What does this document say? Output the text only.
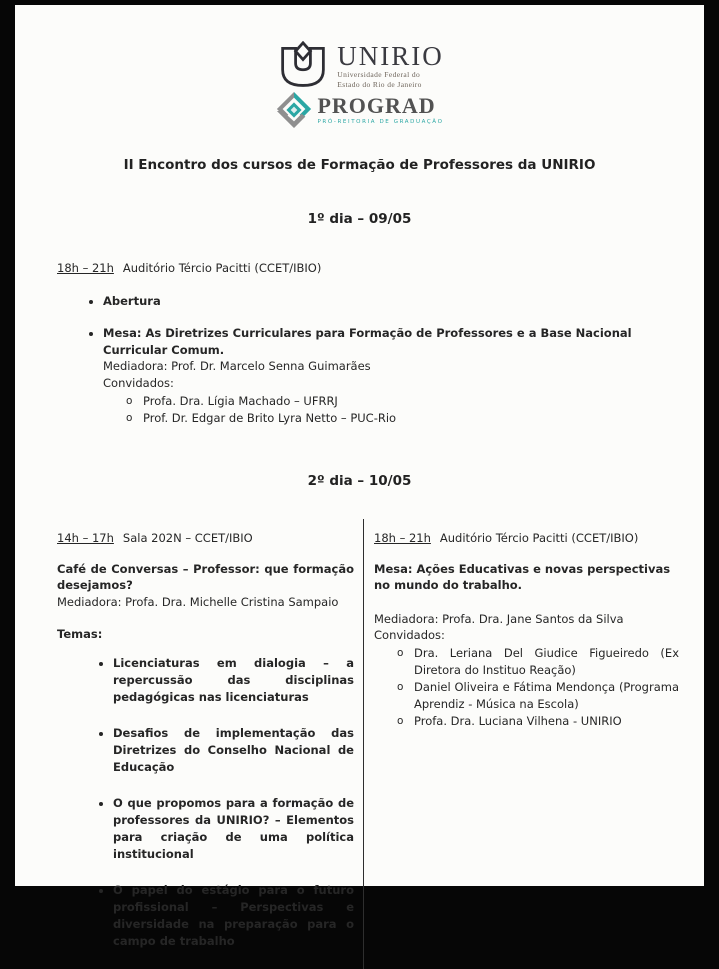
UNIRIO
Universidade Federal do
Estado do Rio de Janeiro
PROGRAD
PRÓ-REITORIA DE GRADUAÇÃO
II Encontro dos cursos de Formação de Professores da UNIRIO
1º dia – 09/05

18h – 21h Auditório Tércio Pacitti (CCET/IBIO)

• Abertura
• Mesa: As Diretrizes Curriculares para Formação de Professores e a Base Nacional Curricular Comum.
Mediadora: Prof. Dr. Marcelo Senna Guimarães
Convidados:
o Profa. Dra. Lígia Machado – UFRRJ
o Prof. Dr. Edgar de Brito Lyra Netto – PUC-Rio
2º dia – 10/05

14h – 17h Sala 202N – CCET/IBIO

Café de Conversas – Professor: que formação desejamos?
Mediadora: Profa. Dra. Michelle Cristina Sampaio
Temas:
• Licenciaturas em dialogia – a repercussão das disciplinas pedagógicas nas licenciaturas
• Desafios de implementação das Diretrizes do Conselho Nacional de Educação
• O que propomos para a formação de professores da UNIRIO? – Elementos para criação de uma política institucional
• O papel do estágio para o futuro profissional – Perspectivas e diversidade na preparação para o campo de trabalho

18h – 21h Auditório Tércio Pacitti (CCET/IBIO)

Mesa: Ações Educativas e novas perspectivas no mundo do trabalho.
Mediadora: Profa. Dra. Jane Santos da Silva
Convidados:
o Dra. Leriana Del Giudice Figueiredo (Ex Diretora do Instituo Reação)
o Daniel Oliveira e Fátima Mendonça (Programa Aprendiz - Música na Escola)
o Profa. Dra. Luciana Vilhena - UNIRIO
